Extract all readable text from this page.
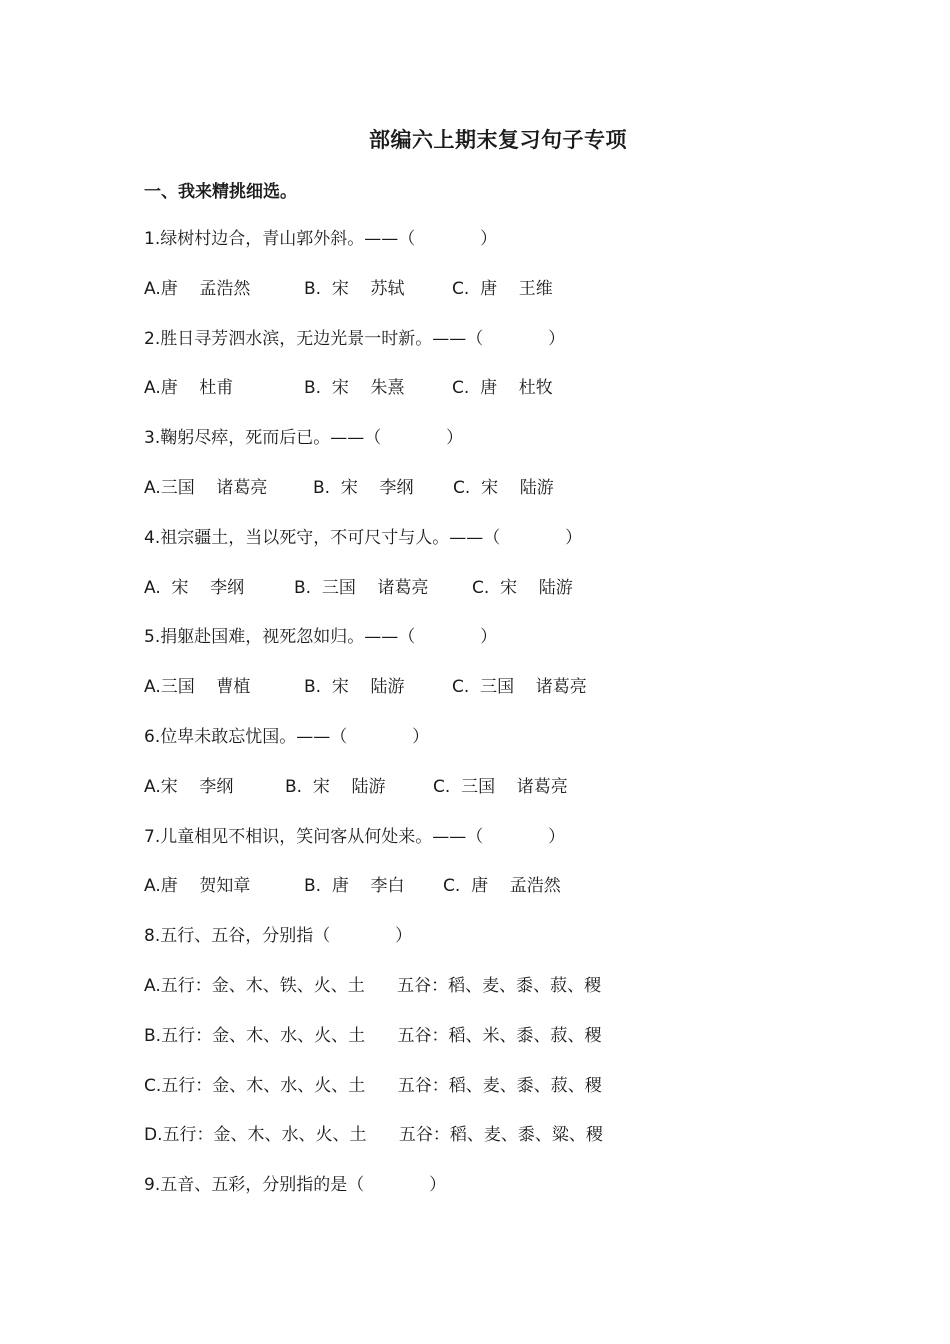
部编六上期末复习句子专项
一、我来精挑细选。
1.绿树村边合，青山郭外斜。——（            ）
A.唐    孟浩然	B.  宋    苏轼	C.  唐    王维
2.胜日寻芳泗水滨，无边光景一时新。——（            ）
A.唐    杜甫	B.  宋    朱熹	C.  唐    杜牧
3.鞠躬尽瘁，死而后已。——（            ）
A.三国    诸葛亮	B.  宋    李纲 C.  宋    陆游
4.祖宗疆土，当以死守，不可尺寸与人。——（            ）
A.  宋    李纲	B.  三国    诸葛亮	C.  宋    陆游
5.捐躯赴国难，视死忽如归。——（            ）
A.三国    曹植	B.  宋    陆游	C.  三国    诸葛亮
6.位卑未敢忘忧国。——（            ）
A.宋    李纲	B.  宋    陆游	C.  三国    诸葛亮
7.儿童相见不相识，笑问客从何处来。——（            ）
A.唐    贺知章	B.  唐    李白 C.  唐    孟浩然
8.五行、五谷，分别指（            ）
A.五行：金、木、铁、火、土      五谷：稻、麦、黍、菽、稷
B.五行：金、木、水、火、土      五谷：稻、米、黍、菽、稷
C.五行：金、木、水、火、土      五谷：稻、麦、黍、菽、稷
D.五行：金、木、水、火、土      五谷：稻、麦、黍、粱、稷
9.五音、五彩，分别指的是（            ）
